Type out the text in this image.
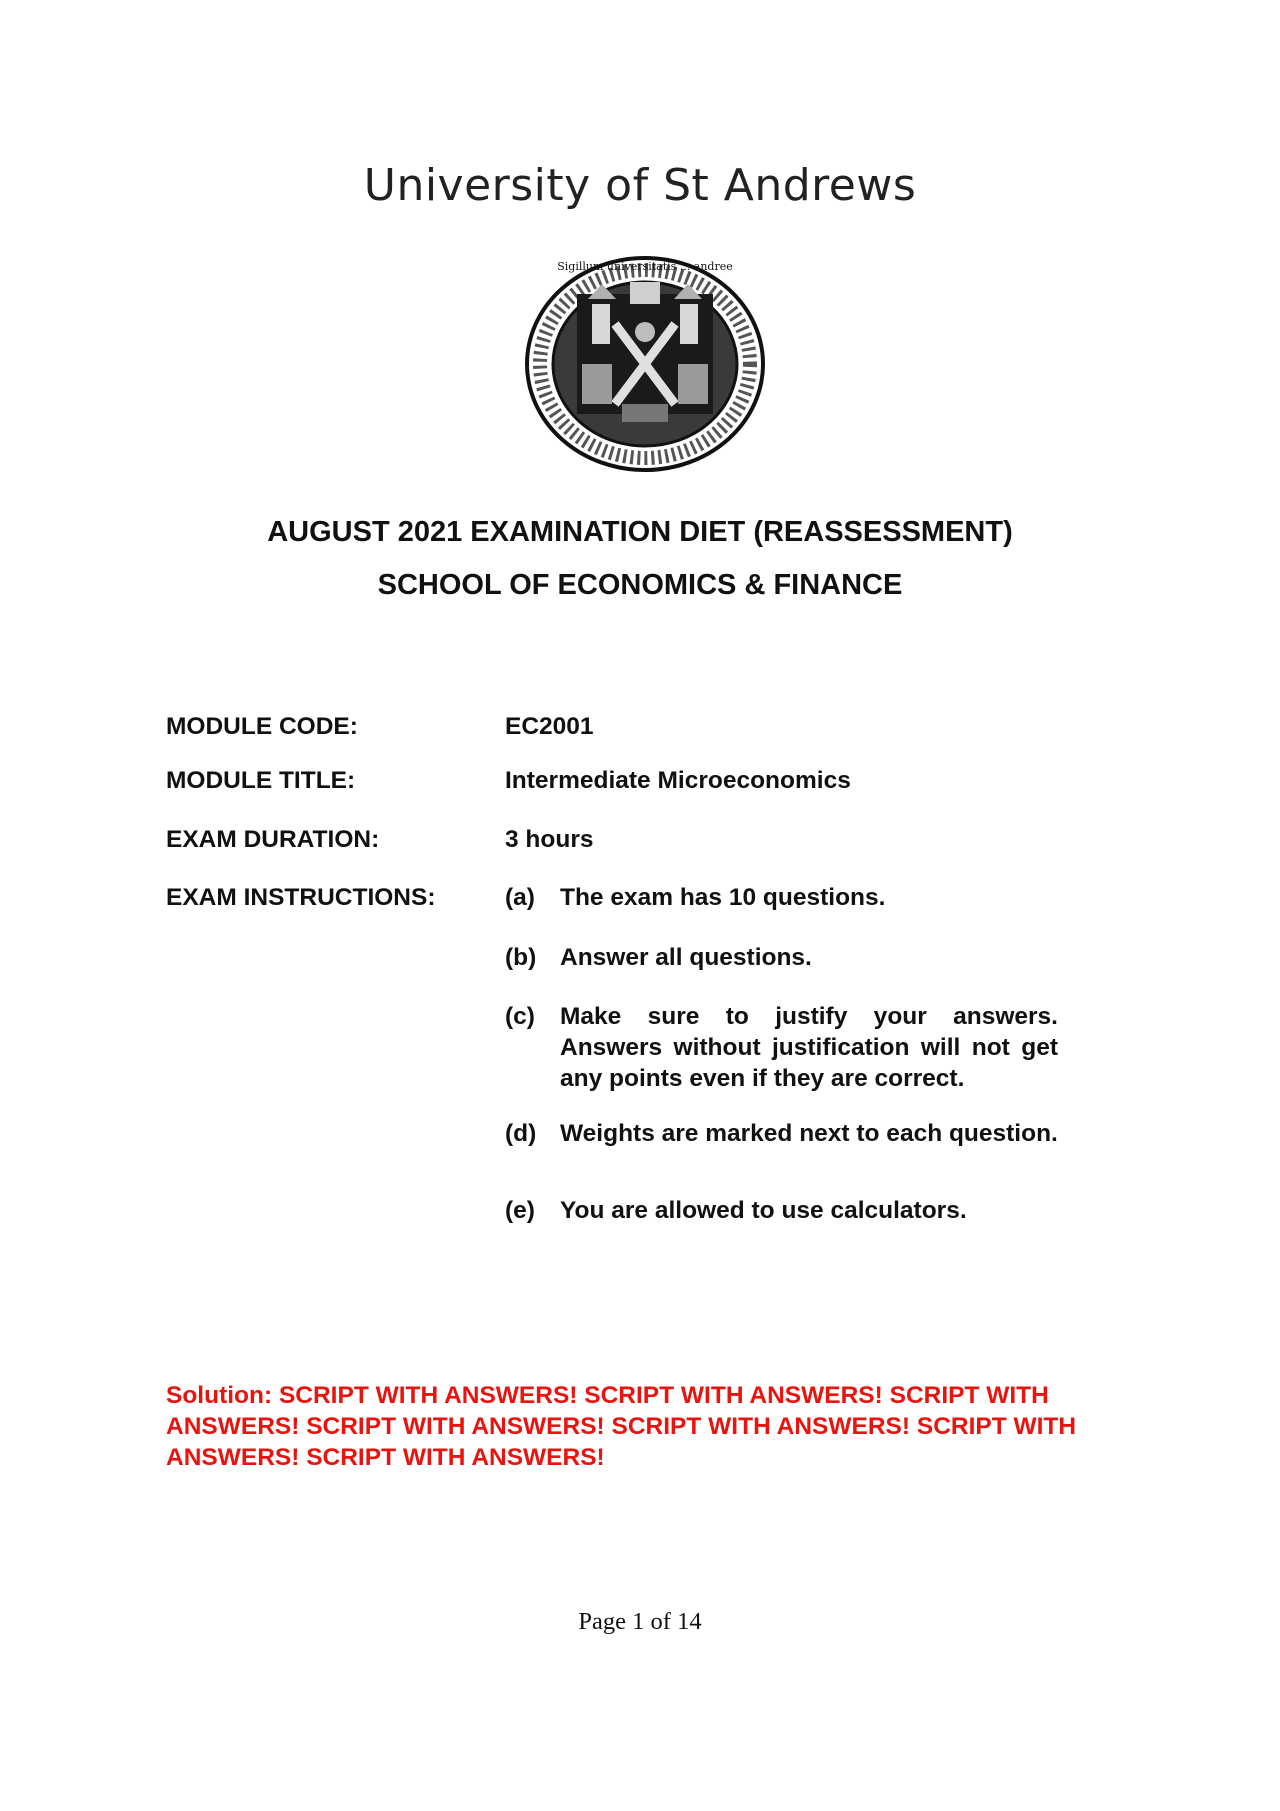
University of St Andrews
Sigillum universitatis ... andree
AUGUST 2021 EXAMINATION DIET (REASSESSMENT)
SCHOOL OF ECONOMICS & FINANCE
MODULE CODE:	EC2001
MODULE TITLE:	Intermediate Microeconomics
EXAM DURATION:	3 hours
EXAM INSTRUCTIONS:	(a) The exam has 10 questions.
(b) Answer all questions.
(c) Make sure to justify your answers. Answers without justification will not get any points even if they are correct.
(d) Weights are marked next to each question.
(e) You are allowed to use calculators.
Solution: SCRIPT WITH ANSWERS! SCRIPT WITH ANSWERS! SCRIPT WITH ANSWERS! SCRIPT WITH ANSWERS! SCRIPT WITH ANSWERS! SCRIPT WITH ANSWERS! SCRIPT WITH ANSWERS!
Page 1 of 14
